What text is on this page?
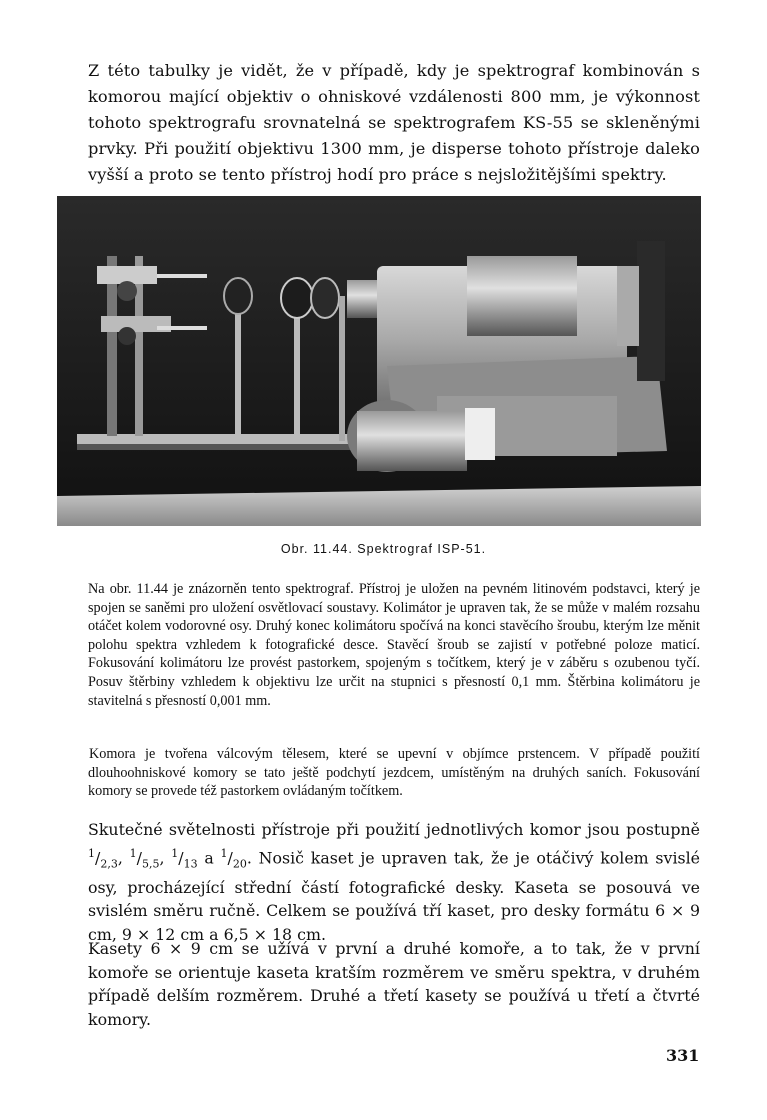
Z této tabulky je vidět, že v případě, kdy je spektrograf kombinován s komorou mající objektiv o ohniskové vzdálenosti 800 mm, je výkonnost tohoto spektrografu srovnatelná se spektrografem KS-55 se skleněnými prvky. Při použití objektivu 1300 mm, je disperse tohoto přístroje daleko vyšší a proto se tento přístroj hodí pro práce s nejsložitějšími spektry.

Obr. 11.44. Spektrograf ISP-51.

Na obr. 11.44 je znázorněn tento spektrograf. Přístroj je uložen na pevném litinovém podstavci, který je spojen se saněmi pro uložení osvětlovací soustavy. Kolimátor je upraven tak, že se může v malém rozsahu otáčet kolem vodorovné osy. Druhý konec kolimátoru spočívá na konci stavěcího šroubu, kterým lze měnit polohu spektra vzhledem k fotografické desce. Stavěcí šroub se zajistí v potřebné poloze maticí. Fokusování kolimátoru lze provést pastorkem, spojeným s točítkem, který je v záběru s ozubenou tyčí. Posuv štěrbiny vzhledem k objektivu lze určit na stupnici s přesností 0,1 mm. Štěrbina kolimátoru je stavitelná s přesností 0,001 mm.

Komora je tvořena válcovým tělesem, které se upevní v objímce prstencem. V případě použití dlouhoohniskové komory se tato ještě podchytí jezdcem, umístěným na druhých saních. Fokusování komory se provede též pastorkem ovládaným točítkem.

Skutečné světelnosti přístroje při použití jednotlivých komor jsou postupně $^1/_{2,3}$, $^1/_{5,5}$, $^1/_{13}$ a $^1/_{20}$. Nosič kaset je upraven tak, že je otáčivý kolem svislé osy, procházející střední částí fotografické desky. Kaseta se posouvá ve svislém směru ručně. Celkem se používá tří kaset, pro desky formátu 6 × 9 cm, 9 × 12 cm a 6,5 × 18 cm.

Kasety 6 × 9 cm se užívá v první a druhé komoře, a to tak, že v první komoře se orientuje kaseta kratším rozměrem ve směru spektra, v druhém případě delším rozměrem. Druhé a třetí kasety se používá u třetí a čtvrté komory.

331
